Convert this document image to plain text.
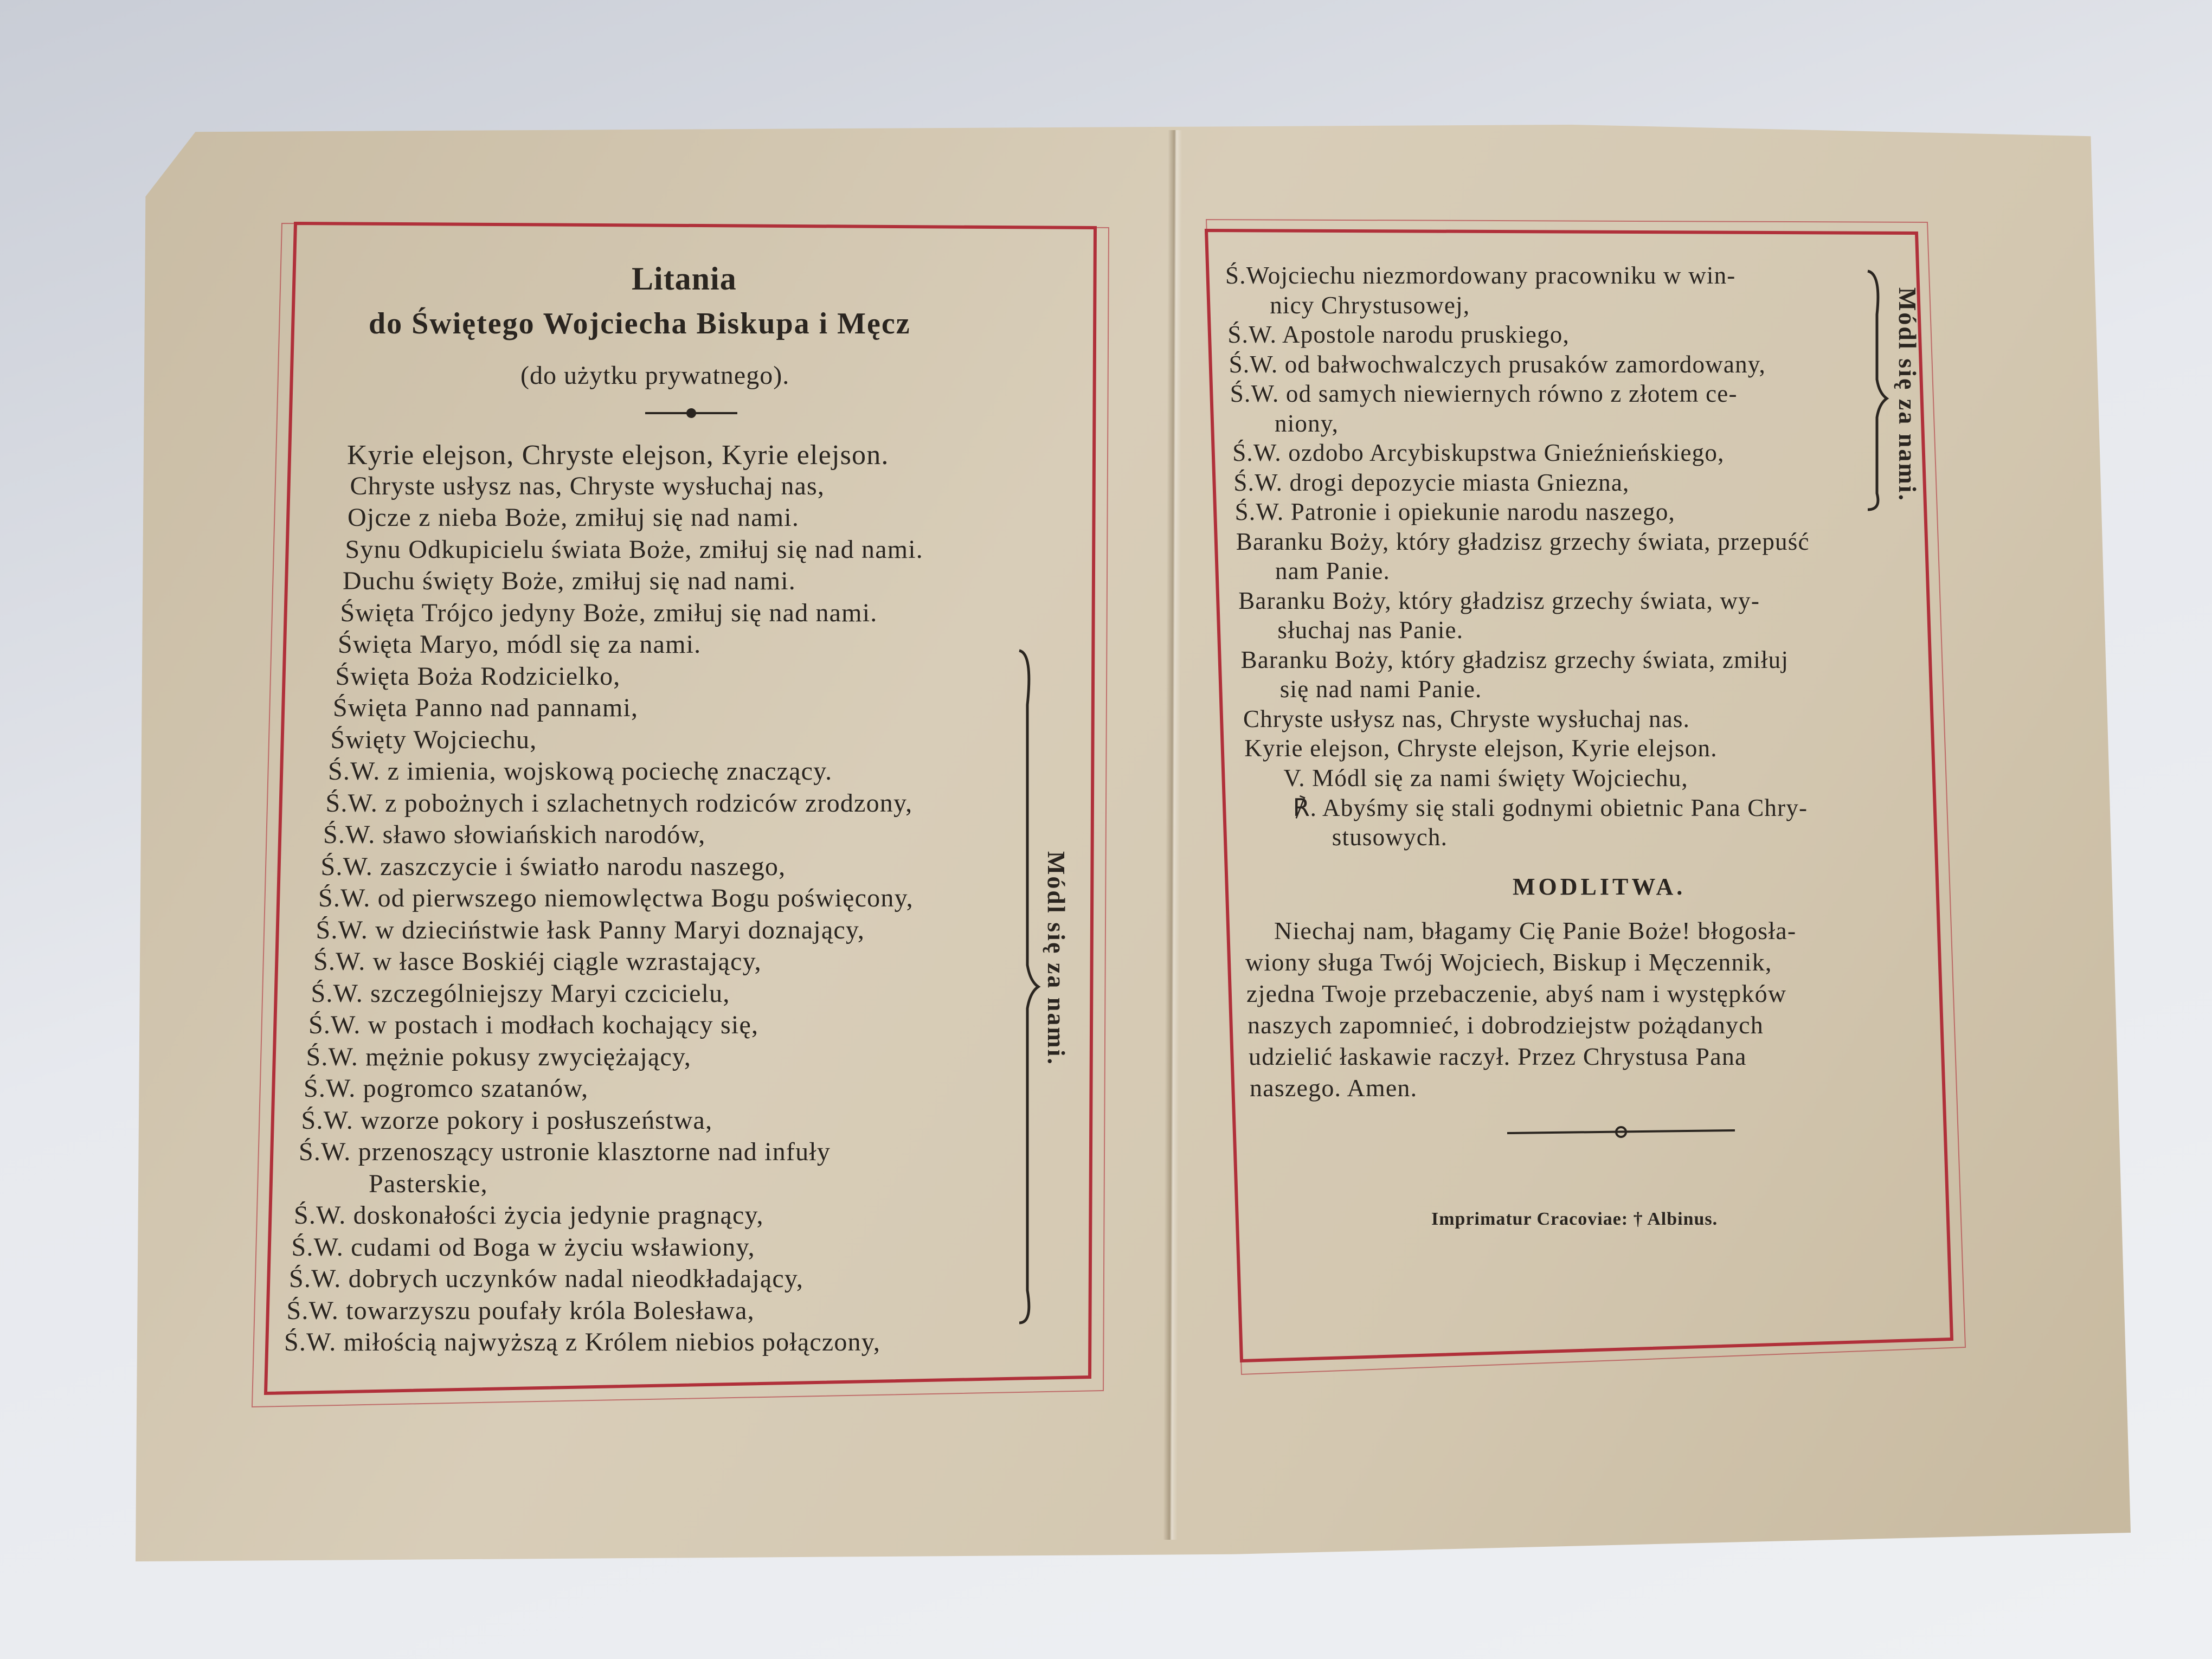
Litania
do Świętego Wojciecha Biskupa i Męcz
(do użytku prywatnego).
Kyrie elejson, Chryste elejson, Kyrie elejson.
Chryste usłysz nas, Chryste wysłuchaj nas,
Ojcze z nieba Boże, zmiłuj się nad nami.
Synu Odkupicielu świata Boże, zmiłuj się nad nami.
Duchu święty Boże, zmiłuj się nad nami.
Święta Trójco jedyny Boże, zmiłuj się nad nami.
Święta Maryo, módl się za nami.
Święta Boża Rodzicielko,
Święta Panno nad pannami,
Święty Wojciechu,
Ś.W. z imienia, wojskową pociechę znaczący.
Ś.W. z pobożnych i szlachetnych rodziców zrodzony,
Ś.W. sławo słowiańskich narodów,
Ś.W. zaszczycie i światło narodu naszego,
Ś.W. od pierwszego niemowlęctwa Bogu poświęcony,
Ś.W. w dzieciństwie łask Panny Maryi doznający,
Ś.W. w łasce Boskiéj ciągle wzrastający,
Ś.W. szczególniejszy Maryi czcicielu,
Ś.W. w postach i modłach kochający się,
Ś.W. mężnie pokusy zwyciężający,
Ś.W. pogromco szatanów,
Ś.W. wzorze pokory i posłuszeństwa,
Ś.W. przenoszący ustronie klasztorne nad infuły
Pasterskie,
Ś.W. doskonałości życia jedynie pragnący,
Ś.W. cudami od Boga w życiu wsławiony,
Ś.W. dobrych uczynków nadal nieodkładający,
Ś.W. towarzyszu poufały króla Bolesława,
Ś.W. miłością najwyższą z Królem niebios połączony,
Módl się za nami.
Ś.Wojciechu niezmordowany pracowniku w win-
nicy Chrystusowej,
Ś.W. Apostole narodu pruskiego,
Ś.W. od bałwochwalczych prusaków zamordowany,
Ś.W. od samych niewiernych równo z złotem ce-
niony,
Ś.W. ozdobo Arcybiskupstwa Gnieźnieńskiego,
Ś.W. drogi depozycie miasta Gniezna,
Ś.W. Patronie i opiekunie narodu naszego,
Baranku Boży, który gładzisz grzechy świata, przepuść
nam Panie.
Baranku Boży, który gładzisz grzechy świata, wy-
słuchaj nas Panie.
Baranku Boży, który gładzisz grzechy świata, zmiłuj
się nad nami Panie.
Chryste usłysz nas, Chryste wysłuchaj nas.
Kyrie elejson, Chryste elejson, Kyrie elejson.
V. Módl się za nami święty Wojciechu,
℟. Abyśmy się stali godnymi obietnic Pana Chry-
stusowych.
Módl się za nami.
MODLITWA.
Niechaj nam, błagamy Cię Panie Boże! błogosła-
wiony sługa Twój Wojciech, Biskup i Męczennik,
zjedna Twoje przebaczenie, abyś nam i występków
naszych zapomnieć, i dobrodziejstw pożądanych
udzielić łaskawie raczył. Przez Chrystusa Pana
naszego. Amen.
Imprimatur Cracoviae: † Albinus.
